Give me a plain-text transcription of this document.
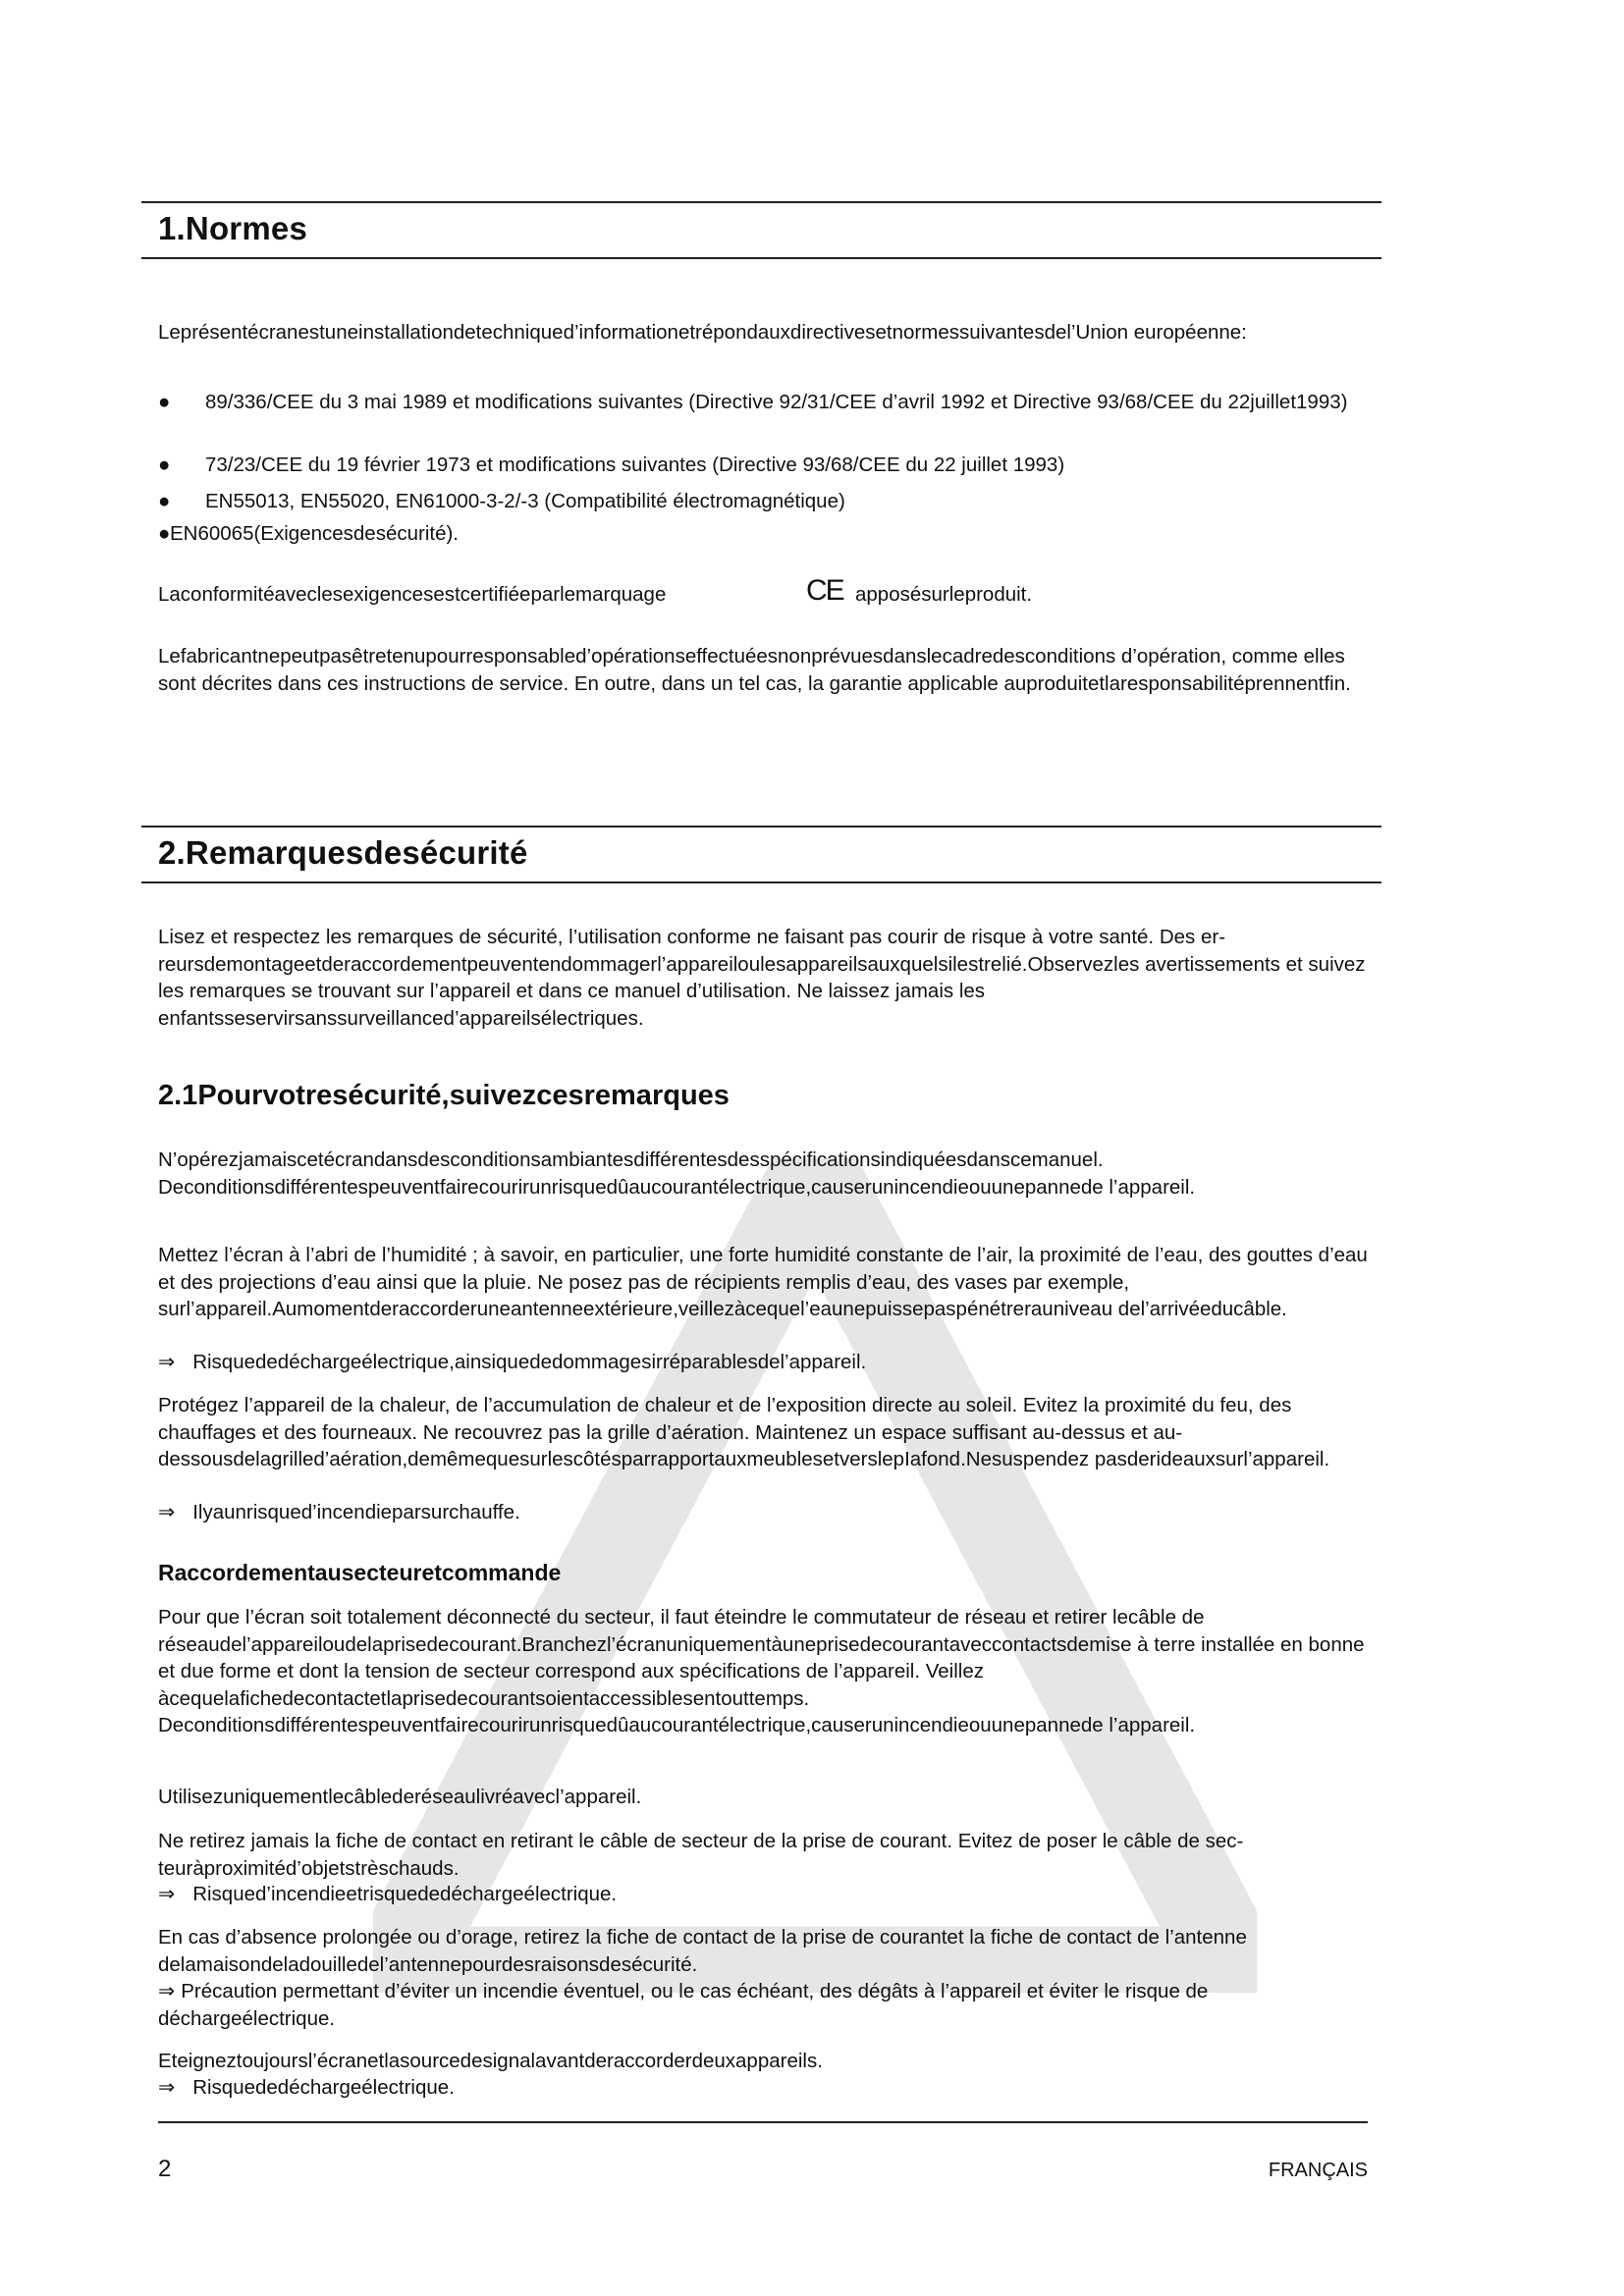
1.Normes

Leprésentécranestuneinstallationdetechniqued’informationetrépondauxdirectivesetnormessuivantesdel’Union européenne:

● 89/336/CEE du 3 mai 1989 et modifications suivantes (Directive 92/31/CEE d’avril 1992 et Directive 93/68/CEE du 22juillet1993)
● 73/23/CEE du 19 février 1973 et modifications suivantes (Directive 93/68/CEE du 22 juillet 1993)
● EN55013, EN55020, EN61000-3-2/-3 (Compatibilité électromagnétique)
● EN60065(Exigencesdesécurité).
Laconformitéaveclesexigencesestcertifiéeparlemarquage	CE apposésurleproduit.

Lefabricantnepeutpasêtretenupourresponsabled’opérationseffectuéesnonprévuesdanslecadredesconditions d’opération, comme elles sont décrites dans ces instructions de service. En outre, dans un tel cas, la garantie applicable auproduitetlaresponsabilitéprennentfin.

2.Remarquesdesécurité

Lisez et respectez les remarques de sécurité, l’utilisation conforme ne faisant pas courir de risque à votre santé. Des er-reursdemontageetderaccordementpeuventendommagerl’appareiloulesappareilsauxquelsilestrelié.Observezles avertissements et suivez les remarques se trouvant sur l’appareil et dans ce manuel d’utilisation. Ne laissez jamais les enfantsseservirsanssurveillanced’appareilsélectriques.

2.1Pourvotresécurité,suivezcesremarques

N’opérezjamaiscetécrandansdesconditionsambiantesdifférentesdesspécificationsindiquéesdanscemanuel. Deconditionsdifférentespeuventfairecourirunrisquedûaucourantélectrique,causerunincendieouunepannede l’appareil.

Mettez l’écran à l’abri de l’humidité ; à savoir, en particulier, une forte humidité constante de l’air, la proximité de l’eau, des gouttes d’eau et des projections d’eau ainsi que la pluie. Ne posez pas de récipients remplis d’eau, des vases par exemple, surl’appareil.Aumomentderaccorderuneantenneextérieure,veillezàcequel’eaunepuissepaspénétrerauniveau del’arrivéeducâble.

⇒ Risquededéchargeélectrique,ainsiquededommagesirréparablesdel’appareil.

Protégez l’appareil de la chaleur, de l’accumulation de chaleur et de l’exposition directe au soleil. Evitez la proximité du feu, des chauffages et des fourneaux. Ne recouvrez pas la grille d’aération. Maintenez un espace suffisant au-dessus et au-dessousdelagrilled’aération,demêmequesurlescôtésparrapportauxmeublesetverslepIafond.Nesuspendez pasderideauxsurl’appareil.

⇒ Ilyaunrisqued’incendieparsurchauffe.
Raccordementausecteuretcommande

Pour que l’écran soit totalement déconnecté du secteur, il faut éteindre le commutateur de réseau et retirer lecâble de réseaudel’appareiloudelaprisedecourant.Branchezl’écranuniquementàuneprisedecourantaveccontactsdemise à terre installée en bonne et due forme et dont la tension de secteur correspond aux spécifications de l’appareil. Veillez àcequelafichedecontactetlaprisedecourantsoientaccessiblesentouttemps. Deconditionsdifférentespeuventfairecourirunrisquedûaucourantélectrique,causerunincendieouunepannede l’appareil.

Utilisezuniquementlecâblederéseaulivréavecl’appareil.

Ne retirez jamais la fiche de contact en retirant le câble de secteur de la prise de courant. Evitez de poser le câble de sec-teuràproximitéd’objetstrèschauds.

⇒ Risqued’incendieetrisquededéchargeélectrique.

En cas d’absence prolongée ou d’orage, retirez la fiche de contact de la prise de courantet la fiche de contact de l’antenne delamaisondeladouilledel’antennepourdesraisonsdesécurité.

⇒ Précaution permettant d’éviter un incendie éventuel, ou le cas échéant, des dégâts à l’appareil et éviter le risque de déchargeélectrique.

Eteigneztoujoursl’écranetlasourcedesignalavantderaccorderdeuxappareils.

⇒ Risquededéchargeélectrique.
2	FRANÇAIS
